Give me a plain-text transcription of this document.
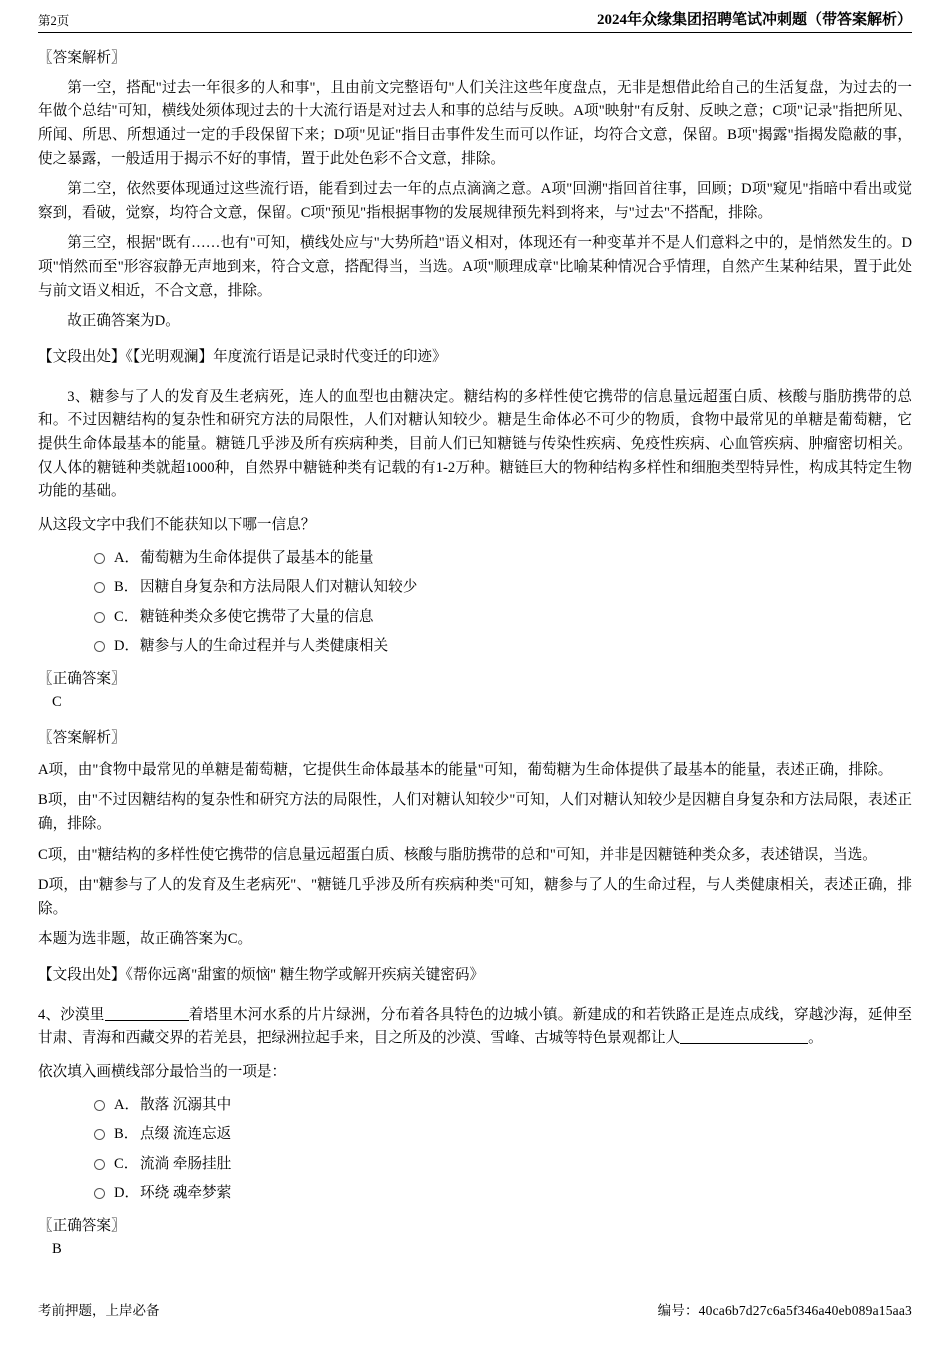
第2页	2024年众缘集团招聘笔试冲刺题（带答案解析）
〖答案解析〗

第一空，搭配"过去一年很多的人和事"，且由前文完整语句"人们关注这些年度盘点，无非是想借此给自己的生活复盘，为过去的一年做个总结"可知，横线处须体现过去的十大流行语是对过去人和事的总结与反映。A项"映射"有反射、反映之意；C项"记录"指把所见、所闻、所思、所想通过一定的手段保留下来；D项"见证"指目击事件发生而可以作证，均符合文意，保留。B项"揭露"指揭发隐蔽的事，使之暴露，一般适用于揭示不好的事情，置于此处色彩不合文意，排除。

第二空，依然要体现通过这些流行语，能看到过去一年的点点滴滴之意。A项"回溯"指回首往事，回顾；D项"窥见"指暗中看出或觉察到，看破，觉察，均符合文意，保留。C项"预见"指根据事物的发展规律预先料到将来，与"过去"不搭配，排除。

第三空，根据"既有……也有"可知，横线处应与"大势所趋"语义相对，体现还有一种变革并不是人们意料之中的，是悄然发生的。D项"悄然而至"形容寂静无声地到来，符合文意，搭配得当，当选。A项"顺理成章"比喻某种情况合乎情理，自然产生某种结果，置于此处与前文语义相近，不合文意，排除。

故正确答案为D。

【文段出处】《【光明观澜】年度流行语是记录时代变迁的印迹》

3、糖参与了人的发育及生老病死，连人的血型也由糖决定。糖结构的多样性使它携带的信息量远超蛋白质、核酸与脂肪携带的总和。不过因糖结构的复杂性和研究方法的局限性，人们对糖认知较少。糖是生命体必不可少的物质，食物中最常见的单糖是葡萄糖，它提供生命体最基本的能量。糖链几乎涉及所有疾病种类，目前人们已知糖链与传染性疾病、免疫性疾病、心血管疾病、肿瘤密切相关。仅人体的糖链种类就超1000种，自然界中糖链种类有记载的有1-2万种。糖链巨大的物种结构多样性和细胞类型特异性，构成其特定生物功能的基础。

从这段文字中我们不能获知以下哪一信息？

A． 葡萄糖为生命体提供了最基本的能量
B． 因糖自身复杂和方法局限人们对糖认知较少
C． 糖链种类众多使它携带了大量的信息
D． 糖参与人的生命过程并与人类健康相关
〖正确答案〗
C
〖答案解析〗

A项，由"食物中最常见的单糖是葡萄糖，它提供生命体最基本的能量"可知，葡萄糖为生命体提供了最基本的能量，表述正确，排除。

B项，由"不过因糖结构的复杂性和研究方法的局限性，人们对糖认知较少"可知，人们对糖认知较少是因糖自身复杂和方法局限，表述正确，排除。

C项，由"糖结构的多样性使它携带的信息量远超蛋白质、核酸与脂肪携带的总和"可知，并非是因糖链种类众多，表述错误，当选。

D项，由"糖参与了人的发育及生老病死"、"糖链几乎涉及所有疾病种类"可知，糖参与了人的生命过程，与人类健康相关，表述正确，排除。

本题为选非题，故正确答案为C。

【文段出处】《帮你远离"甜蜜的烦恼" 糖生物学或解开疾病关键密码》

4、沙漠里	着塔里木河水系的片片绿洲，分布着各具特色的边城小镇。新建成的和若铁路正是连点成线，穿越沙海，延伸至甘肃、青海和西藏交界的若羌县，把绿洲拉起手来，目之所及的沙漠、雪峰、古城等特色景观都让人	。

依次填入画横线部分最恰当的一项是：

A． 散落 沉溺其中
B． 点缀 流连忘返
C． 流淌 牵肠挂肚
D． 环绕 魂牵梦萦
〖正确答案〗
B
考前押题，上岸必备	编号：40ca6b7d27c6a5f346a40eb089a15aa3
